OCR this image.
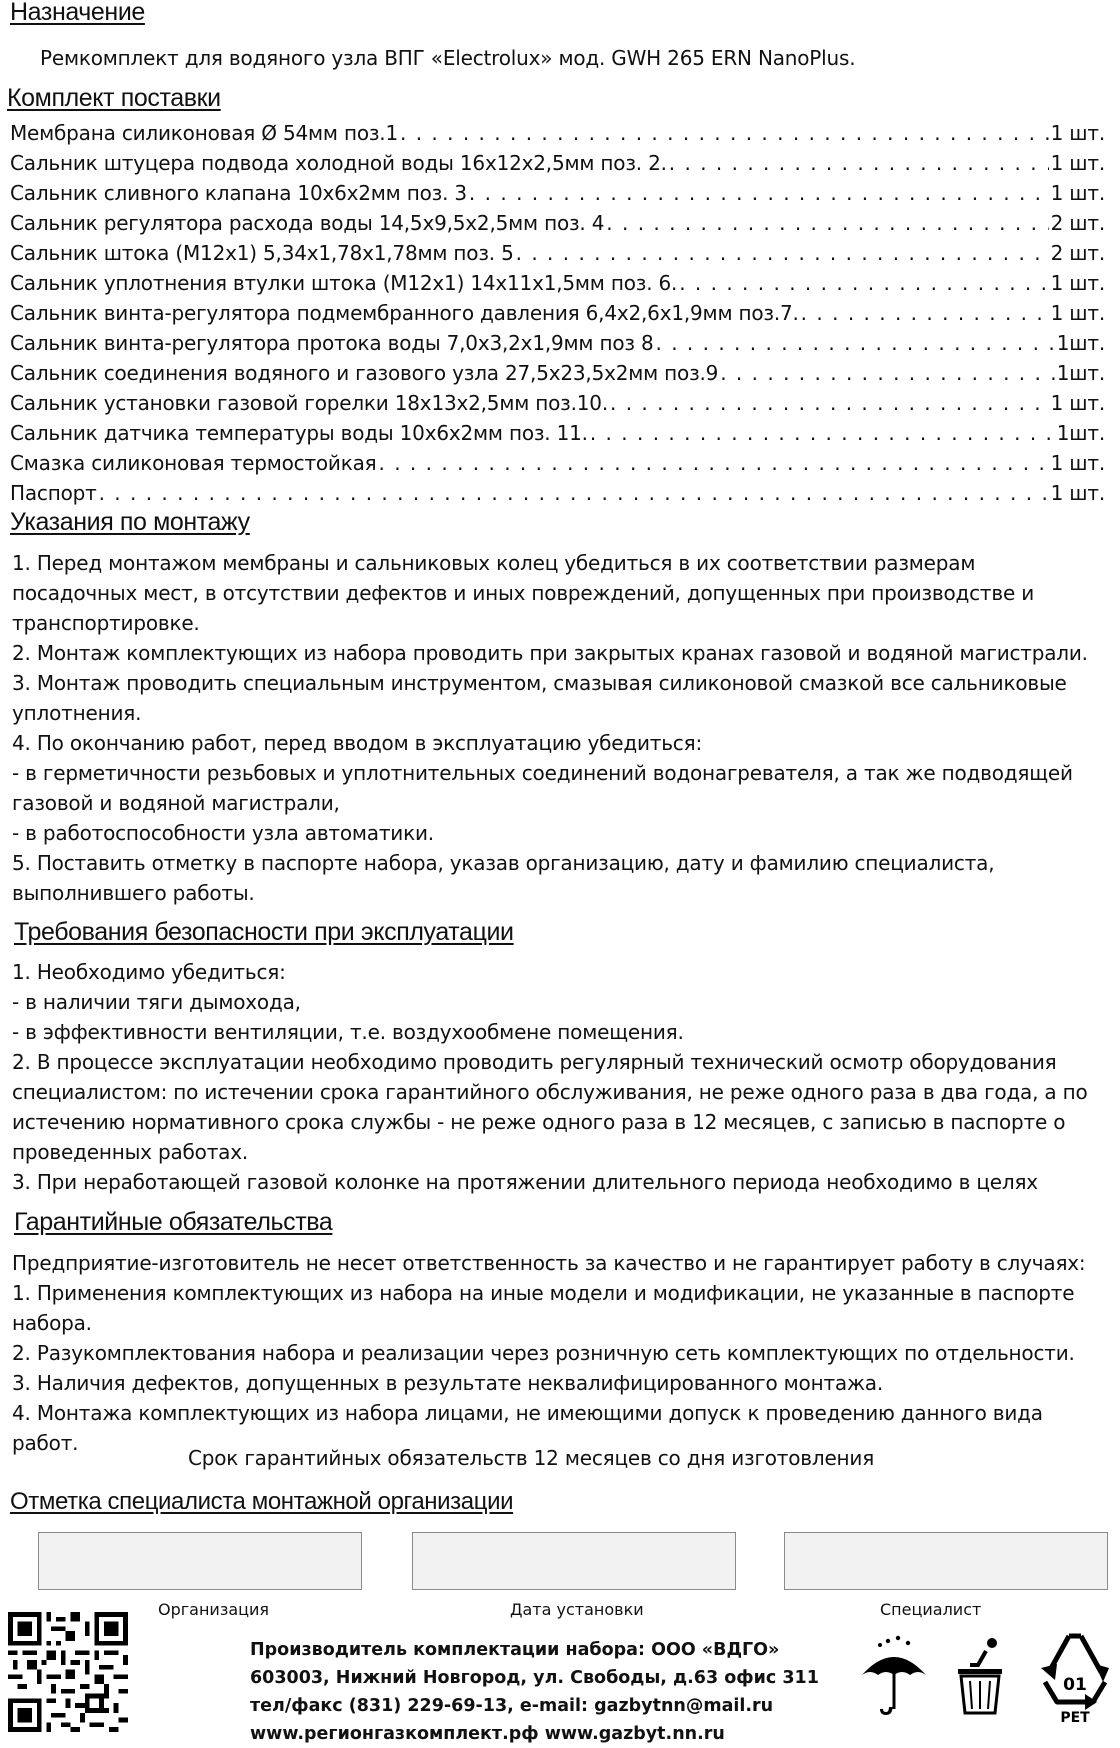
Назначение

Ремкомплект для водяного узла ВПГ «Electrolux» мод. GWH 265 ERN NanoPlus.

Комплект поставки
Мембрана силиконовая Ø 54мм поз.1 . . .	1 шт.
Сальник штуцера подвода холодной воды 16х12х2,5мм поз. 2. . . .	1 шт.
Сальник сливного клапана 10х6х2мм поз. 3 . . .	1 шт.
Сальник регулятора расхода воды 14,5х9,5х2,5мм поз. 4 . . .	2 шт.
Сальник штока (М12х1) 5,34х1,78х1,78мм поз. 5 . . .	2 шт.
Сальник уплотнения втулки штока (М12х1) 14х11х1,5мм поз. 6. . . .	1 шт.
Сальник винта-регулятора подмембранного давления 6,4х2,6х1,9мм поз.7. . . .	1 шт.
Сальник винта-регулятора протока воды 7,0х3,2х1,9мм поз 8 . . .	1шт.
Сальник соединения водяного и газового узла 27,5х23,5х2мм поз.9 . . .	1шт.
Сальник установки газовой горелки 18х13х2,5мм поз.10. . . .	1 шт.
Сальник датчика температуры воды 10х6х2мм поз. 11. . . .	1шт.
Смазка силиконовая термостойкая . . .	1 шт.
Паспорт . . .	1 шт.
Указания по монтажу
1. Перед монтажом мембраны и сальниковых колец убедиться в их соответствии размерам
посадочных мест, в отсутствии дефектов и иных повреждений, допущенных при производстве и
транспортировке.
2. Монтаж комплектующих из набора проводить при закрытых кранах газовой и водяной магистрали.
3. Монтаж проводить специальным инструментом, смазывая силиконовой смазкой все сальниковые
уплотнения.
4. По окончанию работ, перед вводом в эксплуатацию убедиться:
- в герметичности резьбовых и уплотнительных соединений водонагревателя, а так же подводящей
газовой и водяной магистрали,
- в работоспособности узла автоматики.
5. Поставить отметку в паспорте набора, указав организацию, дату и фамилию специалиста,
выполнившего работы.
Требования безопасности при эксплуатации
1. Необходимо убедиться:
- в наличии тяги дымохода,
- в эффективности вентиляции, т.е. воздухообмене помещения.
2. В процессе эксплуатации необходимо проводить регулярный технический осмотр оборудования
специалистом: по истечении срока гарантийного обслуживания, не реже одного раза в два года, а по
истечению нормативного срока службы - не реже одного раза в 12 месяцев, с записью в паспорте о
проведенных работах.
3. При неработающей газовой колонке на протяжении длительного периода необходимо в целях
Гарантийные обязательства
Предприятие-изготовитель не несет ответственность за качество и не гарантирует работу в случаях:
1. Применения комплектующих из набора на иные модели и модификации, не указанные в паспорте
набора.
2. Разукомплектования набора и реализации через розничную сеть комплектующих по отдельности.
3. Наличия дефектов, допущенных в результате неквалифицированного монтажа.
4. Монтажа комплектующих из набора лицами, не имеющими допуск к проведению данного вида
работ.

Срок гарантийных обязательств 12 месяцев со дня изготовления

Отметка специалиста монтажной организации
Организация	Дата установки	Специалист
Производитель комплектации набора: ООО «ВДГО»
603003, Нижний Новгород, ул. Свободы, д.63 офис 311
тел/факс (831) 229-69-13, e-mail: gazbytnn@mail.ru
www.регионгазкомплект.рф www.gazbyt.nn.ru
01
PET
